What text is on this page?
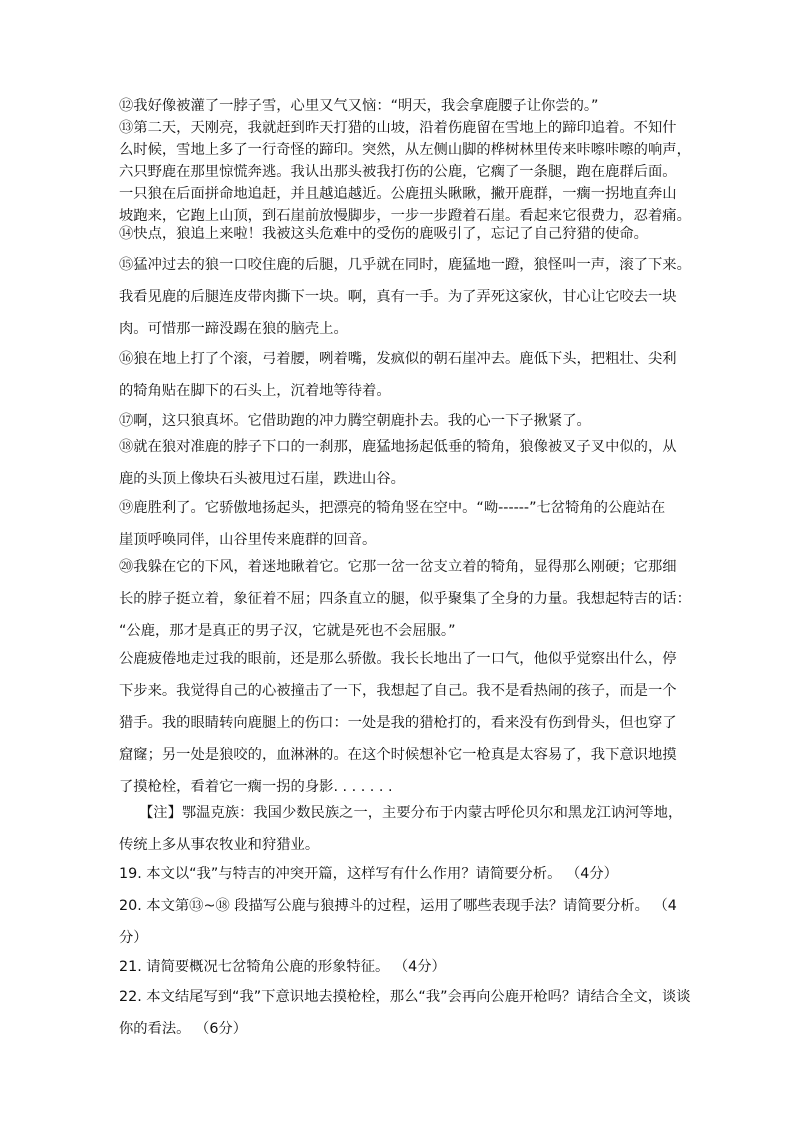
⑫我好像被灌了一脖子雪，心里又气又恼：“明天，我会拿鹿腰子让你尝的。”
⑬第二天，天刚亮，我就赶到昨天打猎的山坡，沿着伤鹿留在雪地上的蹄印追着。不知什
么时候，雪地上多了一行奇怪的蹄印。突然，从左侧山脚的桦树林里传来咔嚓咔嚓的响声，
六只野鹿在那里惊慌奔逃。我认出那头被我打伤的公鹿，它瘸了一条腿，跑在鹿群后面。
一只狼在后面拼命地追赶，并且越追越近。公鹿扭头瞅瞅，撇开鹿群，一瘸一拐地直奔山
坡跑来，它跑上山顶，到石崖前放慢脚步，一步一步蹬着石崖。看起来它很费力，忍着痛。
⑭快点，狼追上来啦！我被这头危难中的受伤的鹿吸引了，忘记了自己狩猎的使命。
⑮猛冲过去的狼一口咬住鹿的后腿，几乎就在同时，鹿猛地一蹬，狼怪叫一声，滚了下来。
我看见鹿的后腿连皮带肉撕下一块。啊，真有一手。为了弄死这家伙，甘心让它咬去一块
肉。可惜那一蹄没踢在狼的脑壳上。
⑯狼在地上打了个滚，弓着腰，咧着嘴，发疯似的朝石崖冲去。鹿低下头，把粗壮、尖利
的犄角贴在脚下的石头上，沉着地等待着。
⑰啊，这只狼真坏。它借助跑的冲力腾空朝鹿扑去。我的心一下子揪紧了。
⑱就在狼对准鹿的脖子下口的一刹那，鹿猛地扬起低垂的犄角，狼像被叉子叉中似的，从
鹿的头顶上像块石头被甩过石崖，跌进山谷。
⑲鹿胜利了。它骄傲地扬起头，把漂亮的犄角竖在空中。“呦------”七岔犄角的公鹿站在
崖顶呼唤同伴，山谷里传来鹿群的回音。
⑳我躲在它的下风，着迷地瞅着它。它那一岔一岔支立着的犄角，显得那么刚硬；它那细
长的脖子挺立着，象征着不屈；四条直立的腿，似乎聚集了全身的力量。我想起特吉的话：
“公鹿，那才是真正的男子汉，它就是死也不会屈服。”
公鹿疲倦地走过我的眼前，还是那么骄傲。我长长地出了一口气，他似乎觉察出什么，停
下步来。我觉得自己的心被撞击了一下，我想起了自己。我不是看热闹的孩子，而是一个
猎手。我的眼睛转向鹿腿上的伤口：一处是我的猎枪打的，看来没有伤到骨头，但也穿了
窟窿；另一处是狼咬的，血淋淋的。在这个时候想补它一枪真是太容易了，我下意识地摸
了摸枪栓，看着它一瘸一拐的身影. . . . . . .
【注】鄂温克族：我国少数民族之一，主要分布于内蒙古呼伦贝尔和黑龙江讷河等地，
传统上多从事农牧业和狩猎业。
19. 本文以“我”与特吉的冲突开篇，这样写有什么作用？请简要分析。 （4分）
20. 本文第⑬~⑱ 段描写公鹿与狼搏斗的过程，运用了哪些表现手法？请简要分析。 （4
分）
21. 请简要概况七岔犄角公鹿的形象特征。 （4分）
22. 本文结尾写到“我”下意识地去摸枪栓，那么“我”会再向公鹿开枪吗？请结合全文，谈谈
你的看法。 （6分）
